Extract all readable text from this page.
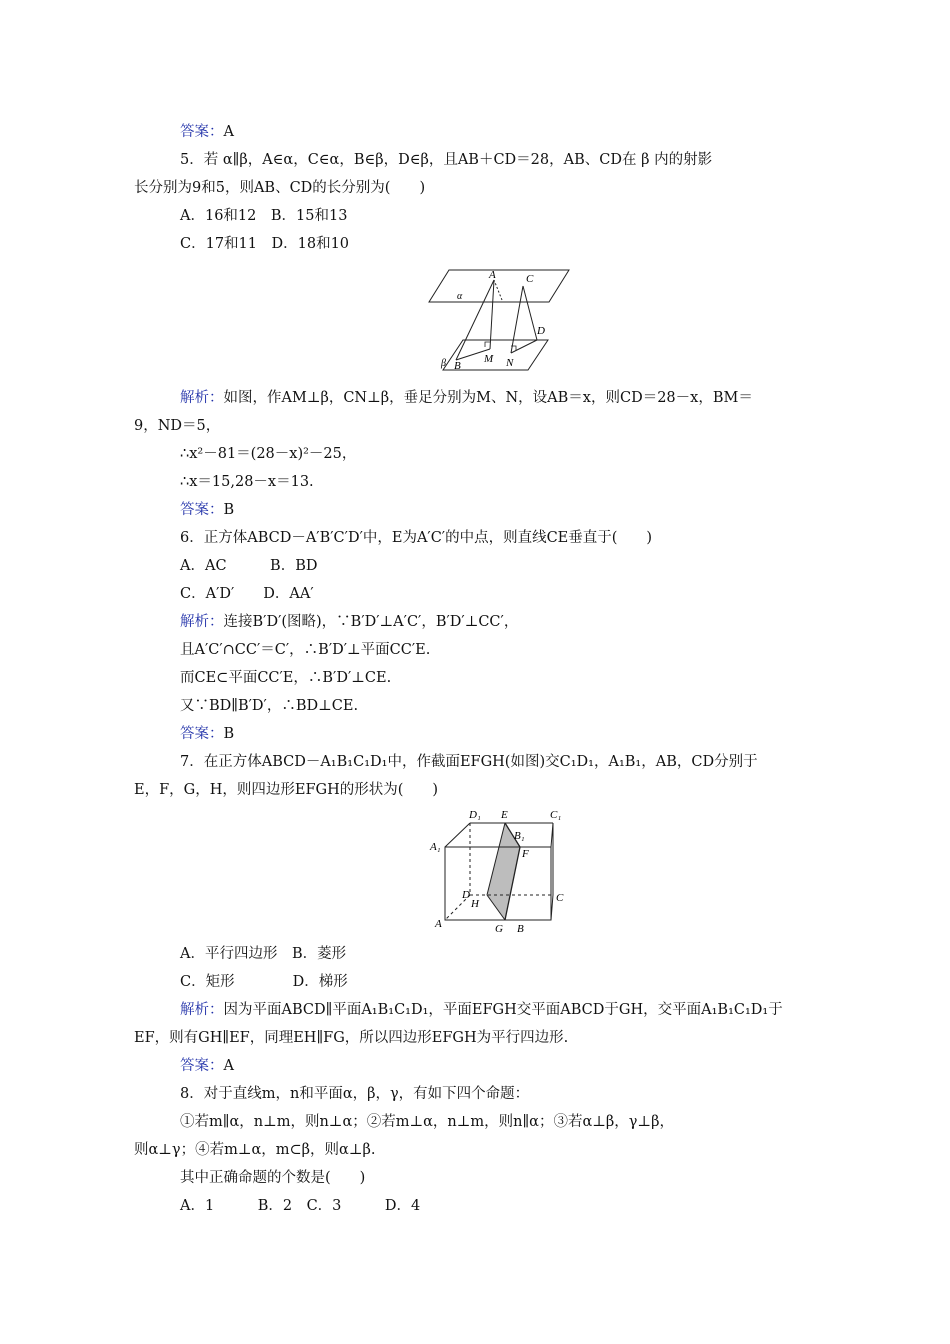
答案：A
5．若 α∥β，A∈α，C∈α，B∈β，D∈β，且AB＋CD＝28，AB、CD在 β 内的射影
长分别为9和5，则AB、CD的长分别为(　　)
A．16和12　B．15和13
C．17和11　D．18和10
A	C
α
D
β B
M N
解析：如图，作AM⊥β，CN⊥β，垂足分别为M、N，设AB＝x，则CD＝28－x，BM＝
9，ND＝5，
∴x²－81＝(28－x)²－25，
∴x＝15,28－x＝13.
答案：B
6．正方体ABCD－A′B′C′D′中，E为A′C′的中点，则直线CE垂直于(　　)
A．AC　　　B．BD
C．A′D′　　D．AA′
解析：连接B′D′(图略)，∵B′D′⊥A′C′，B′D′⊥CC′，
且A′C′∩CC′＝C′，∴B′D′⊥平面CC′E.
而CE⊂平面CC′E，∴B′D′⊥CE.
又∵BD∥B′D′，∴BD⊥CE.
答案：B
7．在正方体ABCD－A₁B₁C₁D₁中，作截面EFGH(如图)交C₁D₁，A₁B₁，AB，CD分别于
E，F，G，H，则四边形EFGH的形状为(　　)
D₁ E	C₁
B₁
A₁
F
D	C
H
A	G B
A．平行四边形　B．菱形
C．矩形　　　　D．梯形
解析：因为平面ABCD∥平面A₁B₁C₁D₁，平面EFGH交平面ABCD于GH，交平面A₁B₁C₁D₁于
EF，则有GH∥EF，同理EH∥FG，所以四边形EFGH为平行四边形.
答案：A
8．对于直线m，n和平面α，β，γ，有如下四个命题：
①若m∥α，n⊥m，则n⊥α；②若m⊥α，n⊥m，则n∥α；③若α⊥β，γ⊥β，
则α⊥γ；④若m⊥α，m⊂β，则α⊥β.
其中正确命题的个数是(　　)
A．1　　　B．2　C．3　　　D．4
